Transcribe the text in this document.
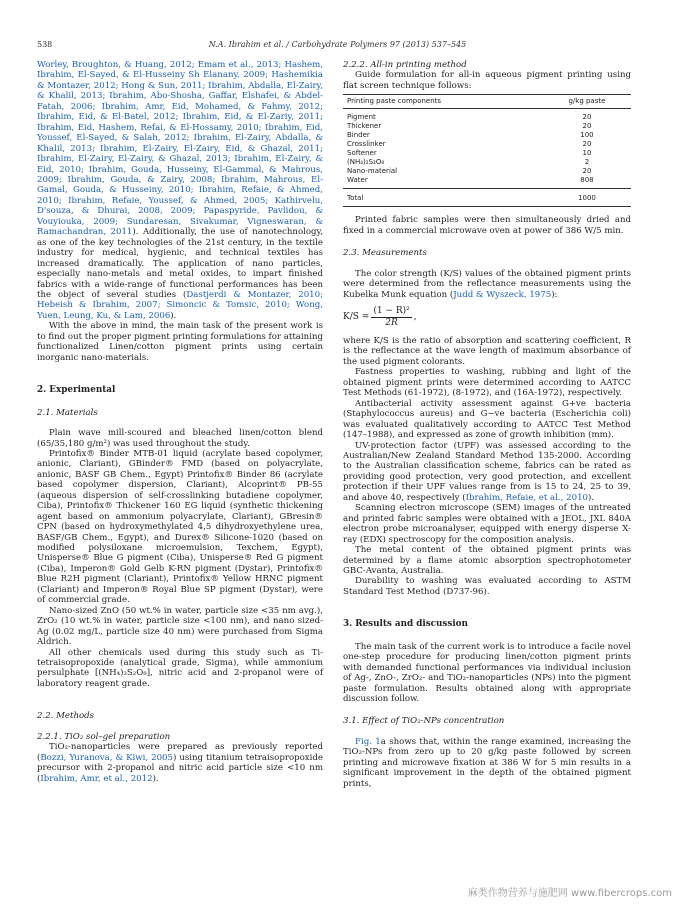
538	N.A. Ibrahim et al. / Carbohydrate Polymers 97 (2013) 537–545

Worley, Broughton, & Huang, 2012; Emam et al., 2013; Hashem, Ibrahim, El-Sayed, & El-Husseiny Sh Elanany, 2009; Hashemikia & Montazer, 2012; Hong & Sun, 2011; Ibrahim, Abdalla, El-Zairy, & Khalil, 2013; Ibrahim, Abo-Shosha, Gaffar, Elshafei, & Abdel-Fatah, 2006; Ibrahim, Amr, Eid, Mohamed, & Fahmy, 2012; Ibrahim, Eid, & El-Batel, 2012; Ibrahim, Eid, & El-Zariy, 2011; Ibrahim, Eid, Hashem, Refai, & El-Hossamy, 2010; Ibrahim, Eid, Youssef, El-Sayed, & Salah, 2012; Ibrahim, El-Zairy, Abdalla, & Khalil, 2013; Ibrahim, El-Zairy, El-Zairy, Eid, & Ghazal, 2011; Ibrahim, El-Zairy, El-Zairy, & Ghazal, 2013; Ibrahim, El-Zairy, & Eid, 2010; Ibrahim, Gouda, Husseiny, El-Gammal, & Mahrous, 2009; Ibrahim, Gouda, & Zairy, 2008; Ibrahim, Mahrous, El-Gamal, Gouda, & Husseiny, 2010; Ibrahim, Refaie, & Ahmed, 2010; Ibrahim, Refaie, Youssef, & Ahmed, 2005; Kathirvelu, D'souza, & Dhurai, 2008, 2009; Papaspyride, Pavlidou, & Vouyiouka, 2009; Sundaresan, Sivakumar, Vigneswaran, & Ramachandran, 2011). Additionally, the use of nanotechnology, as one of the key technologies of the 21st century, in the textile industry for medical, hygienic, and technical textiles has increased dramatically. The application of nano particles, especially nano-metals and metal oxides, to impart finished fabrics with a wide-range of functional performances has been the object of several studies (Dastjerdi & Montazer, 2010; Hebeish & Ibrahim, 2007; Simoncic & Tomsic, 2010; Wong, Yuen, Leung, Ku, & Lam, 2006).

With the above in mind, the main task of the present work is to find out the proper pigment printing formulations for attaining functionalized Linen/cotton pigment prints using certain inorganic nano-materials.

2. Experimental
2.1. Materials

Plain wave mill-scoured and bleached linen/cotton blend (65/35,180 g/m²) was used throughout the study.

Printofix® Binder MTB-01 liquid (acrylate based copolymer, anionic, Clariant), GBinder® FMD (based on polyacrylate, anionic, BASF GB Chem., Egypt) Printofix® Binder 86 (acrylate based copolymer dispersion, Clariant), Alcoprint® PB-55 (aqueous dispersion of self-crosslinking butadiene copolymer, Ciba), Printofix® Thickener 160 EG liquid (synthetic thickening agent based on ammonium polyacrylate, Clariant), GBresin® CPN (based on hydroxymethylated 4,5 dihydroxyethylene urea, BASF/GB Chem., Egypt), and Durex® Silicone-1020 (based on modified polysiloxane microemulsion, Texchem, Egypt), Unisperse® Blue G pigment (Ciba), Unisperse® Red G pigment (Ciba), Imperon® Gold Gelb K-RN pigment (Dystar), Printofix® Blue R2H pigment (Clariant), Printofix® Yellow HRNC pigment (Clariant) and Imperon® Royal Blue SP pigment (Dystar), were of commercial grade.

Nano-sized ZnO (50 wt.% in water, particle size <35 nm avg.), ZrO₂ (10 wt.% in water, particle size <100 nm), and nano sized-Ag (0.02 mg/L, particle size 40 nm) were purchased from Sigma Aldrich.

All other chemicals used during this study such as Ti-tetraisopropoxide (analytical grade, Sigma), while ammonium persulphate [(NH₄)₂S₂O₈], nitric acid and 2-propanol were of laboratory reagent grade.

2.2. Methods
2.2.1. TiO₂ sol–gel preparation

TiO₂-nanoparticles were prepared as previously reported (Bozzi, Yuranova, & Kiwi, 2005) using titanium tetraisopropoxide precursor with 2-propanol and nitric acid particle size <10 nm (Ibrahim, Amr, et al., 2012).

2.2.2. All-in printing method

Guide formulation for all-in aqueous pigment printing using flat screen technique follows:

Printing paste components	g/kg paste
Pigment	20
Thickener	20
Binder	100
Crosslinker	20
Softener	10
(NH₄)₂S₂O₈	2
Nano-material	20
Water	808
Total	1000

Printed fabric samples were then simultaneously dried and fixed in a commercial microwave oven at power of 386 W/5 min.

2.3. Measurements

The color strength (K/S) values of the obtained pigment prints were determined from the reflectance measurements using the Kubelka Munk equation (Judd & Wyszeck, 1975):

$K/S = \frac{\text{(1 − R)²}}{2R}$ ,

where K/S is the ratio of absorption and scattering coefficient, R is the reflectance at the wave length of maximum absorbance of the used pigment colorants.

Fastness properties to washing, rubbing and light of the obtained pigment prints were determined according to AATCC Test Methods (61-1972), (8-1972), and (16A-1972), respectively.

Antibacterial activity assessment against G+ve bacteria (Staphylococcus aureus) and G−ve bacteria (Escherichia coli) was evaluated qualitatively according to AATCC Test Method (147–1988), and expressed as zone of growth inhibition (mm).

UV-protection factor (UPF) was assessed according to the Australian/New Zealand Standard Method 135-2000. According to the Australian classification scheme, fabrics can be rated as providing good protection, very good protection, and excellent protection if their UPF values range from is 15 to 24, 25 to 39, and above 40, respectively (Ibrahim, Refaie, et al., 2010).

Scanning electron microscope (SEM) images of the untreated and printed fabric samples were obtained with a JEOL, JXL 840A electron probe microanalyser, equipped with energy disperse X-ray (EDX) spectroscopy for the composition analysis.

The metal content of the obtained pigment prints was determined by a flame atomic absorption spectrophotometer GBC-Avanta, Australia.

Durability to washing was evaluated according to ASTM Standard Test Method (D737-96).

3. Results and discussion

The main task of the current work is to introduce a facile novel one-step procedure for producing linen/cotton pigment prints with demanded functional performances via individual inclusion of Ag-, ZnO-, ZrO₂- and TiO₂-nanoparticles (NPs) into the pigment paste formulation. Results obtained along with appropriate discussion follow.

3.1. Effect of TiO₂-NPs concentration

Fig. 1a shows that, within the range examined, increasing the TiO₂-NPs from zero up to 20 g/kg paste followed by screen printing and microwave fixation at 386 W for 5 min results in a significant improvement in the depth of the obtained pigment prints,

麻类作物营养与施肥网 www.fibercrops.com
